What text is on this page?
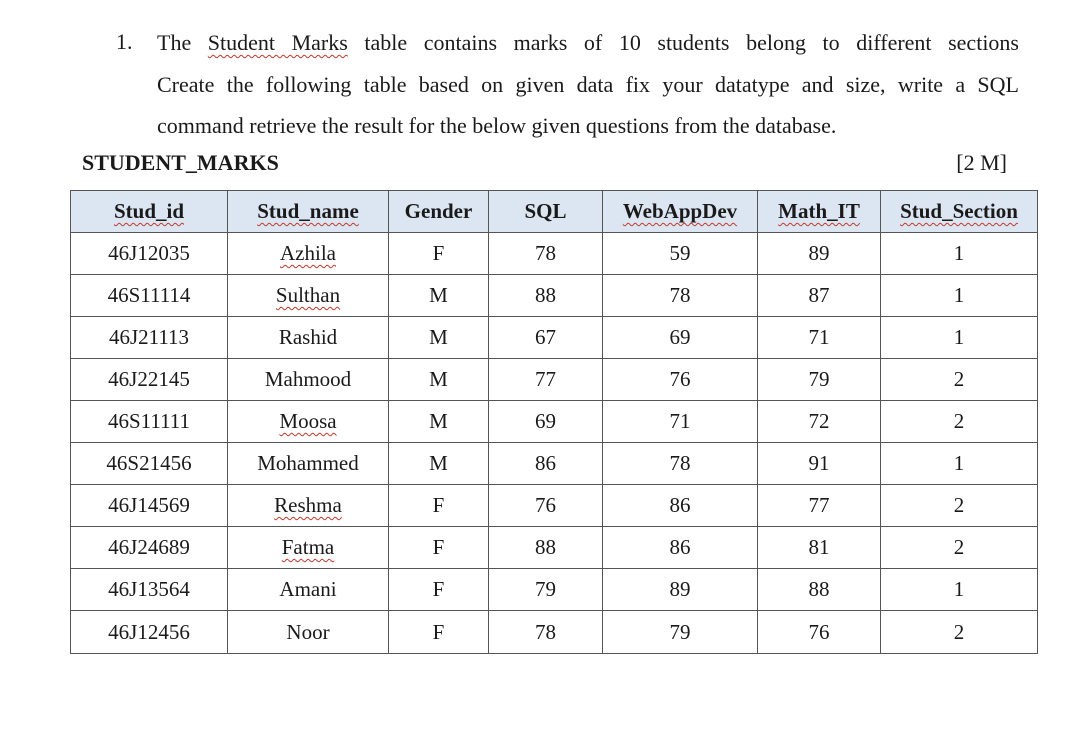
1. The Student Marks table contains marks of 10 students belong to different sections
Create the following table based on given data fix your datatype and size, write a SQL
command retrieve the result for the below given questions from the database.
STUDENT_MARKS	[2 M]
Stud_id	Stud_name	Gender	SQL	WebAppDev	Math_IT	Stud_Section
46J12035	Azhila	F	78	59	89	1
46S11114	Sulthan	M	88	78	87	1
46J21113	Rashid	M	67	69	71	1
46J22145	Mahmood	M	77	76	79	2
46S11111	Moosa	M	69	71	72	2
46S21456	Mohammed	M	86	78	91	1
46J14569	Reshma	F	76	86	77	2
46J24689	Fatma	F	88	86	81	2
46J13564	Amani	F	79	89	88	1
46J12456	Noor	F	78	79	76	2
